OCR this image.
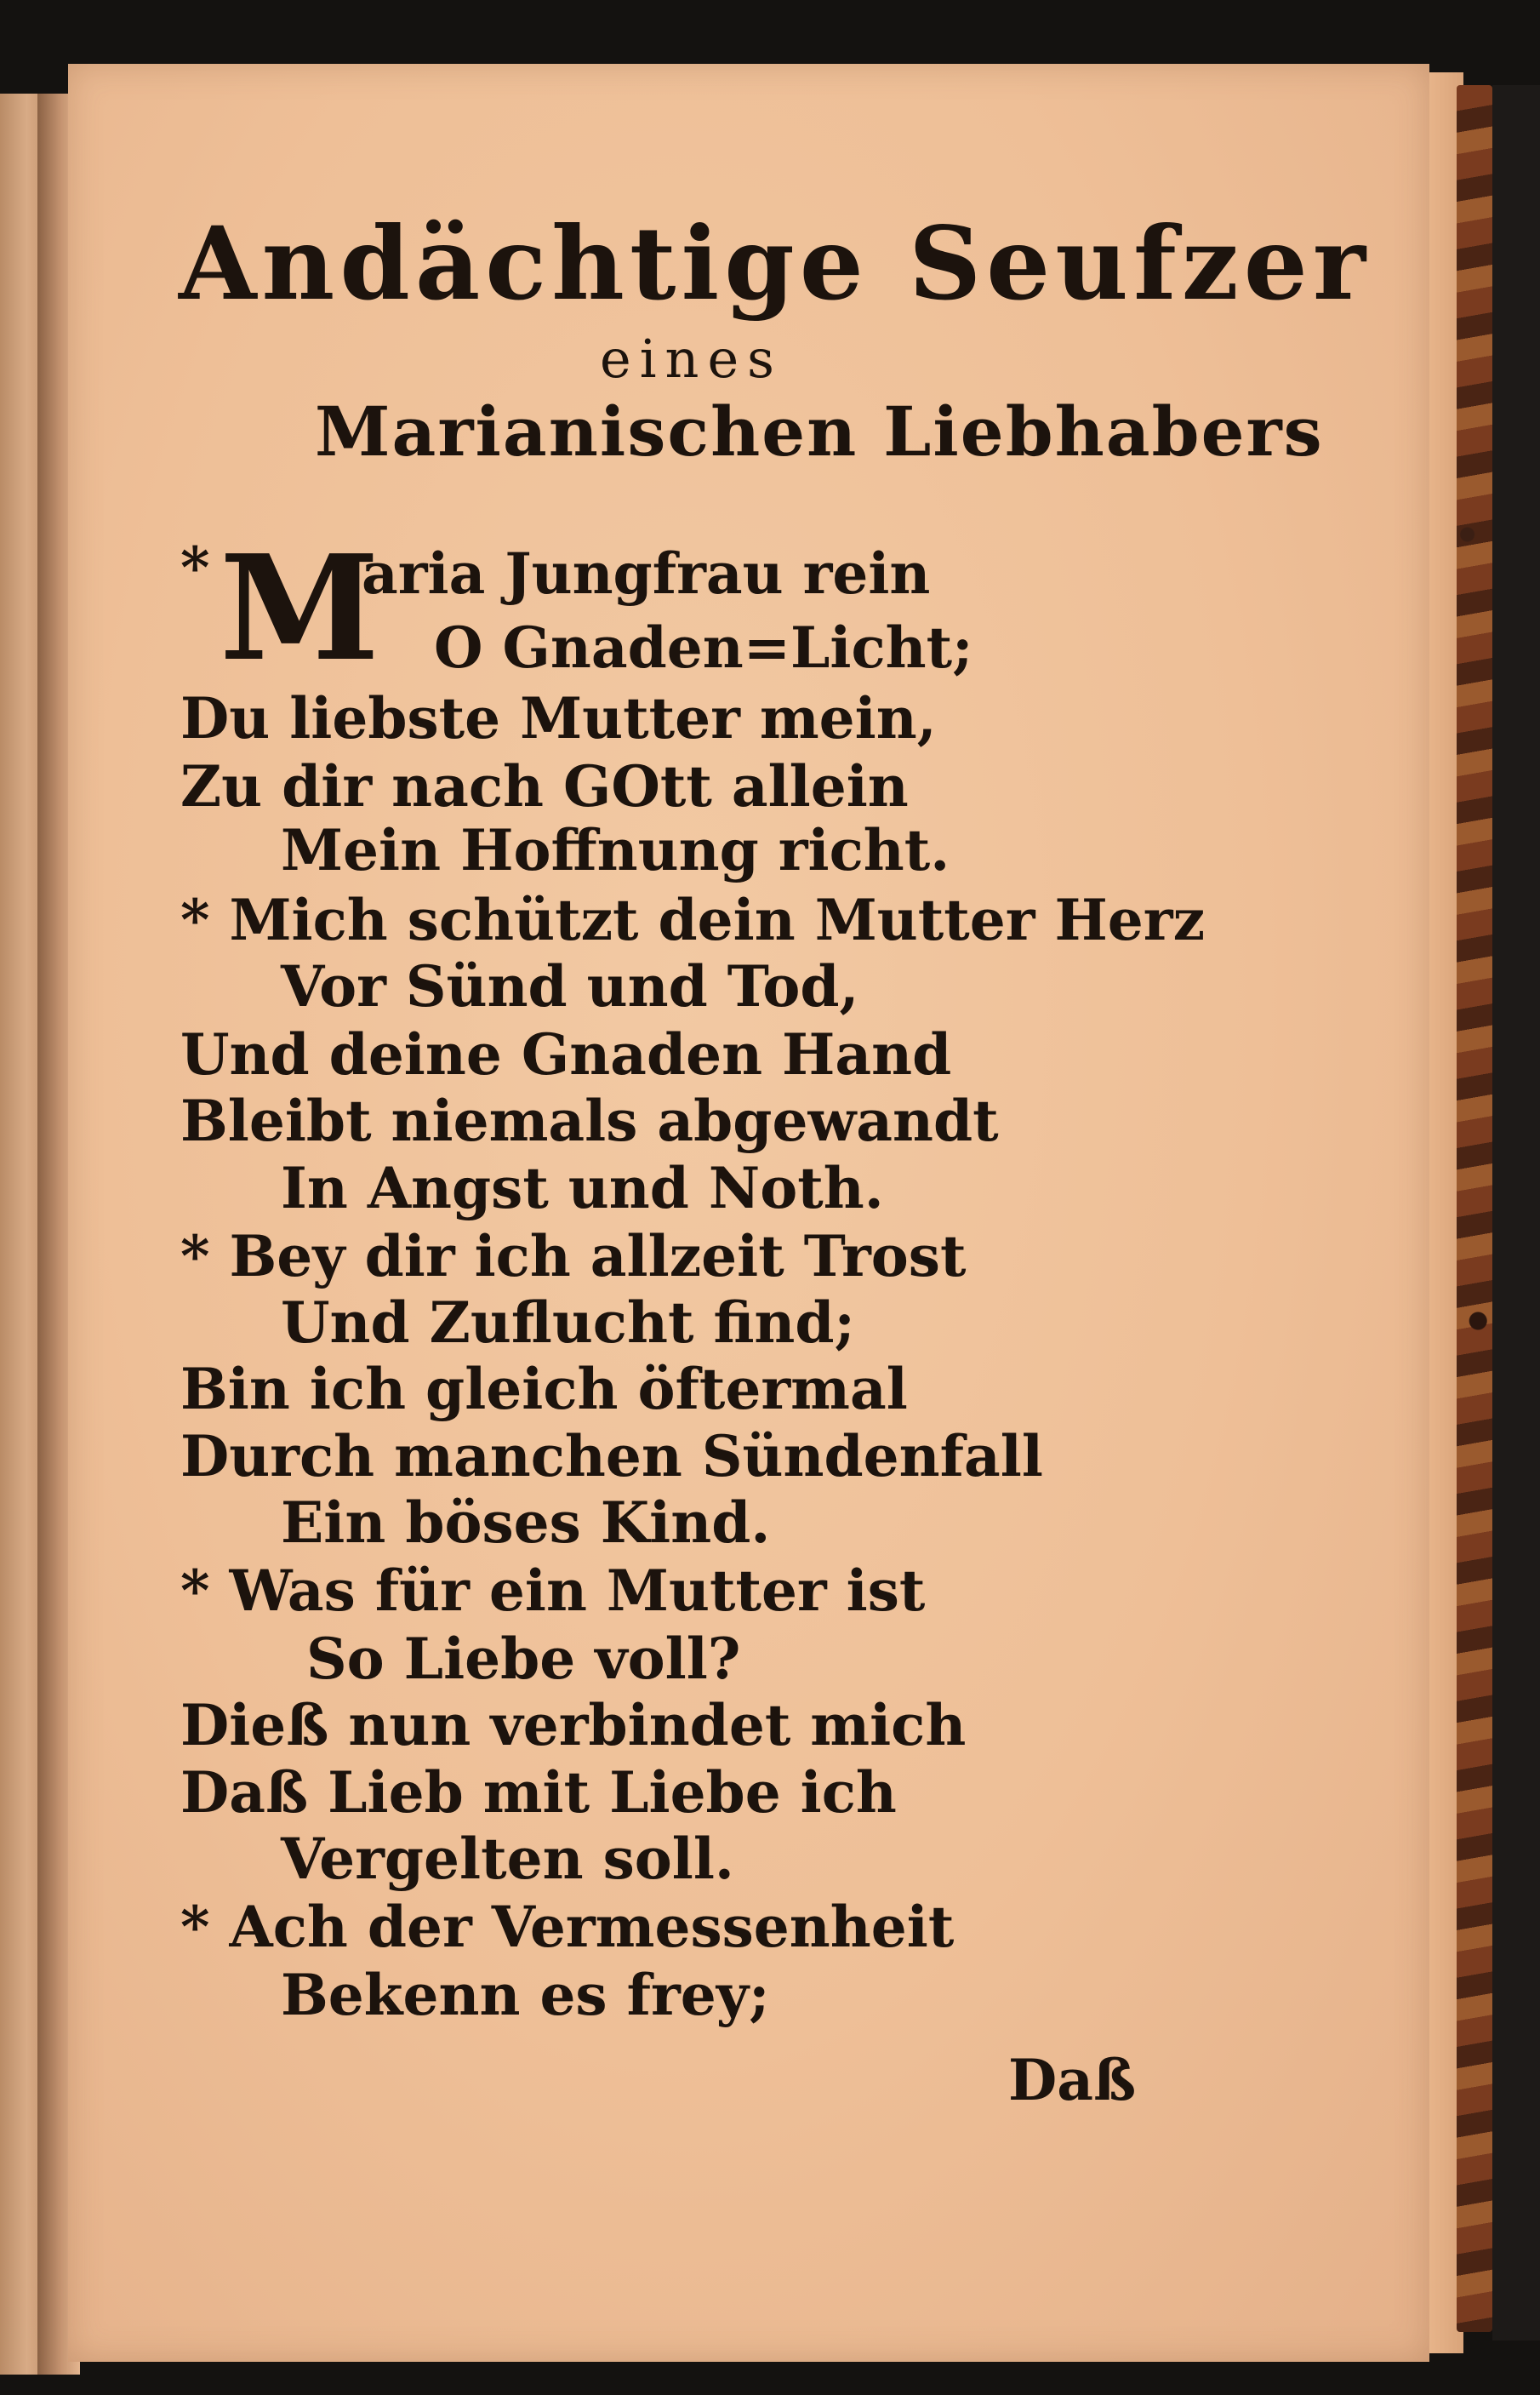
Andächtige Seufzer
eines
Marianischen Liebhabers
* M
aria Jungfrau rein
O Gnaden=Licht;
Du liebste Mutter mein,
Zu dir nach GOtt allein
Mein Hoffnung richt.
* Mich schützt dein Mutter Herz
Vor Sünd und Tod,
Und deine Gnaden Hand
Bleibt niemals abgewandt
In Angst und Noth.
* Bey dir ich allzeit Trost
Und Zuflucht find;
Bin ich gleich öftermal
Durch manchen Sündenfall
Ein böses Kind.
* Was für ein Mutter ist
So Liebe voll?
Dieß nun verbindet mich
Daß Lieb mit Liebe ich
Vergelten soll.
* Ach der Vermessenheit
Bekenn es frey;
Daß
